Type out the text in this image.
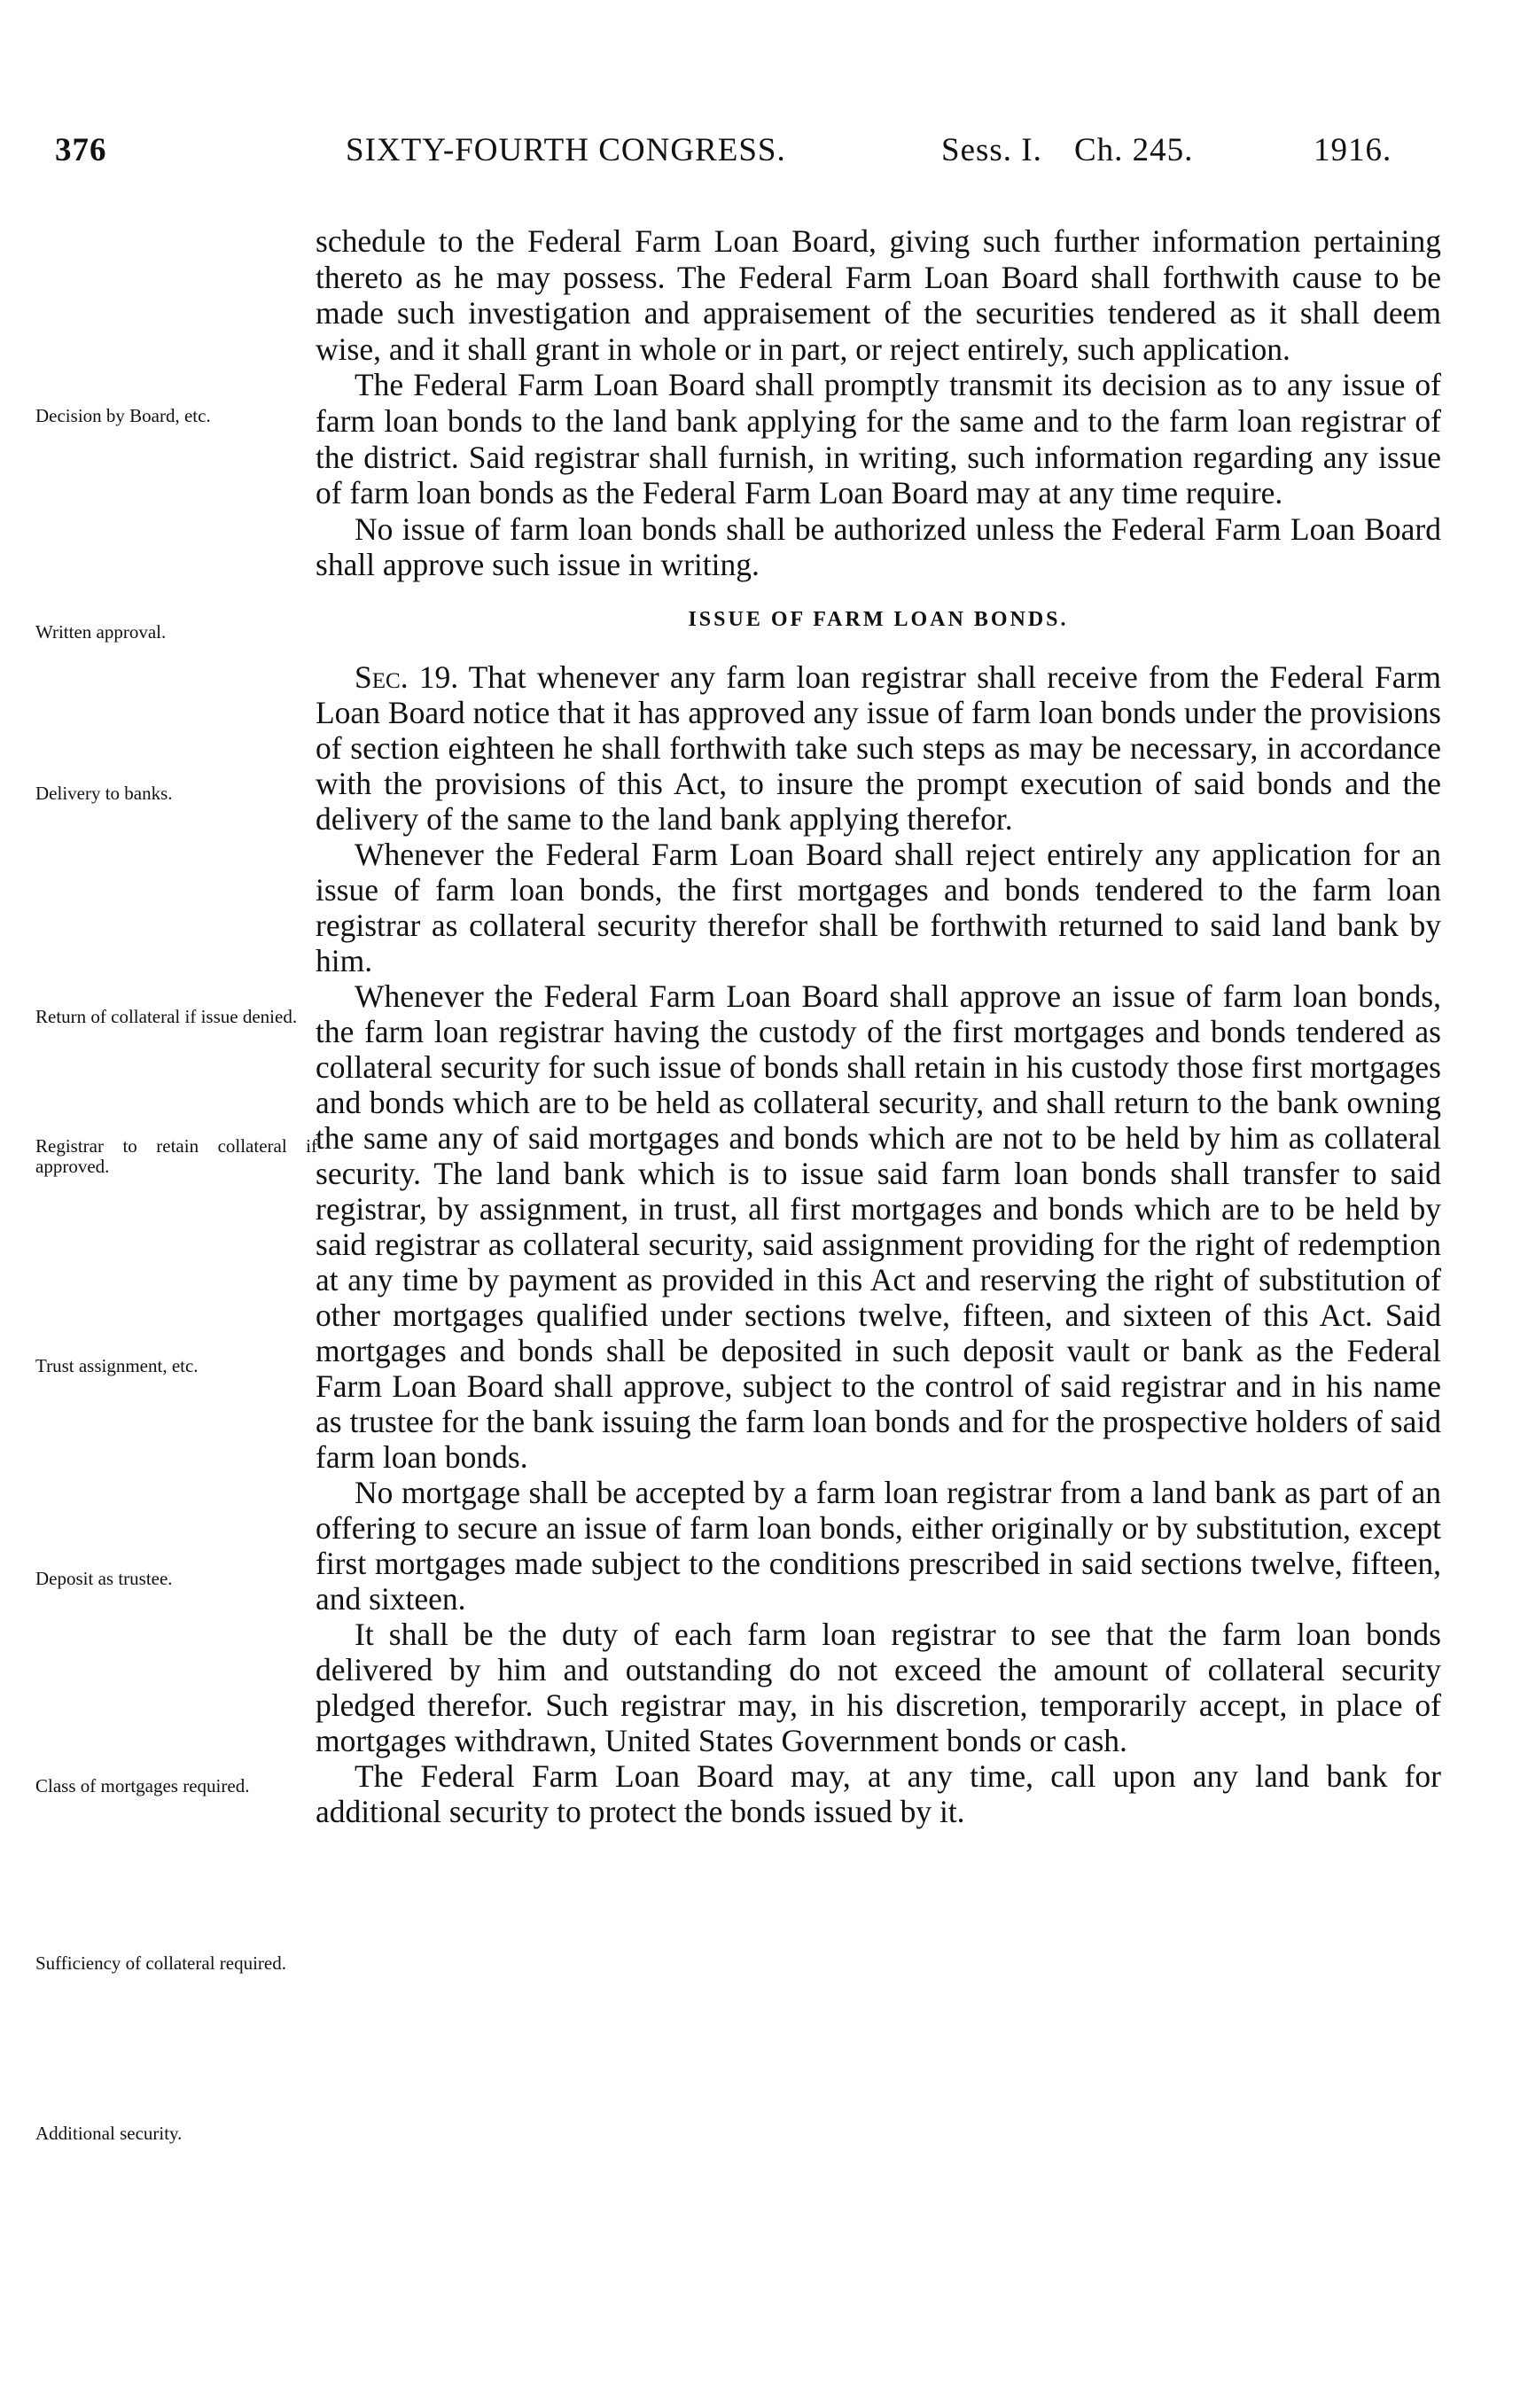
376	SIXTY-FOURTH CONGRESS.	Sess. I. Ch. 245.	1916.
Decision by Board, etc.
Written approval.
Delivery to banks.
Return of collateral if issue denied.
Registrar to retain collateral if approved.
Trust assignment, etc.
Deposit as trustee.
Class of mortgages required.
Sufficiency of collateral required.
Additional security.

schedule to the Federal Farm Loan Board, giving such further information pertaining thereto as he may possess. The Federal Farm Loan Board shall forthwith cause to be made such investigation and appraisement of the securities tendered as it shall deem wise, and it shall grant in whole or in part, or reject entirely, such application.

The Federal Farm Loan Board shall promptly transmit its decision as to any issue of farm loan bonds to the land bank applying for the same and to the farm loan registrar of the district. Said registrar shall furnish, in writing, such information regarding any issue of farm loan bonds as the Federal Farm Loan Board may at any time require.

No issue of farm loan bonds shall be authorized unless the Federal Farm Loan Board shall approve such issue in writing.

ISSUE OF FARM LOAN BONDS.

Sec. 19. That whenever any farm loan registrar shall receive from the Federal Farm Loan Board notice that it has approved any issue of farm loan bonds under the provisions of section eighteen he shall forthwith take such steps as may be necessary, in accordance with the provisions of this Act, to insure the prompt execution of said bonds and the delivery of the same to the land bank applying therefor.

Whenever the Federal Farm Loan Board shall reject entirely any application for an issue of farm loan bonds, the first mortgages and bonds tendered to the farm loan registrar as collateral security therefor shall be forthwith returned to said land bank by him.

Whenever the Federal Farm Loan Board shall approve an issue of farm loan bonds, the farm loan registrar having the custody of the first mortgages and bonds tendered as collateral security for such issue of bonds shall retain in his custody those first mortgages and bonds which are to be held as collateral security, and shall return to the bank owning the same any of said mortgages and bonds which are not to be held by him as collateral security. The land bank which is to issue said farm loan bonds shall transfer to said registrar, by assignment, in trust, all first mortgages and bonds which are to be held by said registrar as collateral security, said assignment providing for the right of redemption at any time by payment as provided in this Act and reserving the right of substitution of other mortgages qualified under sections twelve, fifteen, and sixteen of this Act. Said mortgages and bonds shall be deposited in such deposit vault or bank as the Federal Farm Loan Board shall approve, subject to the control of said registrar and in his name as trustee for the bank issuing the farm loan bonds and for the prospective holders of said farm loan bonds.

No mortgage shall be accepted by a farm loan registrar from a land bank as part of an offering to secure an issue of farm loan bonds, either originally or by substitution, except first mortgages made subject to the conditions prescribed in said sections twelve, fifteen, and sixteen.

It shall be the duty of each farm loan registrar to see that the farm loan bonds delivered by him and outstanding do not exceed the amount of collateral security pledged therefor. Such registrar may, in his discretion, temporarily accept, in place of mortgages withdrawn, United States Government bonds or cash.

The Federal Farm Loan Board may, at any time, call upon any land bank for additional security to protect the bonds issued by it.
